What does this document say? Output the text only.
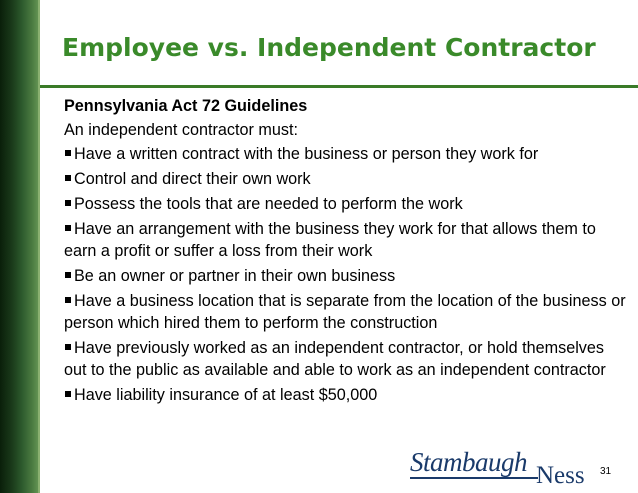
Employee vs. Independent Contractor
Pennsylvania Act 72 Guidelines
An independent contractor must:
Have a written contract with the business or person they work for
Control and direct their own work
Possess the tools that are needed to perform the work
Have an arrangement with the business they work for that allows them to earn a profit or suffer a loss from their work
Be an owner or partner in their own business
Have a business location that is separate from the location of the business or person which hired them to perform the construction
Have previously worked as an independent contractor, or hold themselves out to the public as available and able to work as an independent contractor
Have liability insurance of at least $50,000
Stambaugh Ness 31
